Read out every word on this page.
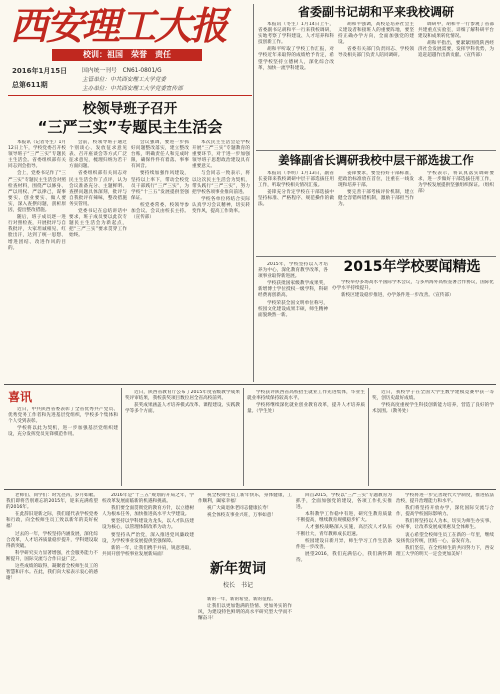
西安理工大报
校训：祖国　荣誉　责任
2016年1月15日
总第611期
国内统一刊号　CN61-0801/G
主管单位：中共西安理工大学党委
主办单位：中共西安理工大学党委宣传部
校领导班子召开
“三严三实”专题民主生活会

本报讯（记者冬生）1月12日上午，学校党委召开校领导班子“三严三实”专题民主生活会。省委组织部有关同志到会指导。

会上，党委书记作了“三严三实”专题民主生活会对照检查材料，围绕严以修身、严以用权、严以律己，谋事要实、创业要实、做人要实，深入查摆问题，剖析原因，提出整改措施。

随后，班子成员逐一进行对照检查，开展批评与自我批评，大家坦诚相见、红脸出汗，达到了统一思想、增进团结、改进作风的目的。

会前，校领导班子通过个别谈心、发放征求意见表、召开座谈会等方式广泛征求意见，梳理归纳为若干方面问题。

省委组织部有关同志对民主生活会作了点评，认为会议准备充分、主题鲜明、查摆问题具体深刻，批评与自我批评有辣味，整改措施务实管用。

党委书记在总结讲话中要求，班子成员要以此次专题民主生活会为新起点，把“三严三实”要求贯穿工作始终。

会议强调，要进一步抓好问题整改落实，建立整改台账，明确责任人和完成时限，确保件件有着落、事事有回音。

要持续加强作风建设，坚持以上率下，带动全校党员干部践行“三严三实”，为学校“十三五”发展提供坚强保证。

校党委常委、校领导参加会议。会议由校长主持。（宣传部）

本次民主生活会是学校开展“三严三实”专题教育的重要环节，对于进一步加强领导班子思想政治建设具有重要意义。

与会同志一致表示，将以这次民主生活会为契机，带头践行“三严三实”，努力把学校各项事业推向前进。

学校各单位将结合实际认真学习会议精神，切实转变作风，提高工作效率。

省委副书记胡和平来我校调研

本报讯（冬生）1月14日上午，省委副书记胡和平一行来我校调研，实地考察了学科建设、人才培养和科技创新工作。

胡和平听取了学校工作汇报，对学校近年来取得的成绩给予肯定，希望学校坚持立德树人，深化综合改革，加快一流学科建设。

胡和平强调，高校是培养社会主义建设者和接班人的重要阵地，要坚持正确办学方向，全面加强党的建设。

省委有关部门负责同志、学校领导及相关部门负责人陪同调研。

调研中，胡和平一行参观了省部共建重点实验室，详细了解科研平台建设和成果转化情况。

胡和平指出，要紧紧围绕陕西经济社会发展需要，发挥学科优势，为追赶超越作出新贡献。（宣传部）

姜锋副省长调研我校中层干部选拔工作

本报讯（李明）1月13日，副省长姜锋来我校调研中层干部选拔任用工作，听取学校相关情况汇报。

姜锋充分肯定学校在干部选拔中坚持标准、严格程序、规范操作的做法。

姜锋要求，要坚持好干部标准，把政治标准放在首位，注重在一线发现和培养干部。

要完善干部考核评价机制，建立健全容错纠错机制，激励干部担当作为。

学校表示，将认真落实调研要求，进一步做好干部选拔任用工作，为学校发展提供坚强组织保证。（组织部）

2015年学校要闻精选

2015年，学校坚持以人才培养为中心，深化教育教学改革，各项事业取得新进展。

学校获批国家级教学成果奖，新增博士学位授权一级学科，科研经费再创新高。

学校荣获全国文明单位称号，校园文化建设成果丰硕，师生精神面貌焕然一新。

学校举办多场高水平国际学术会议，与多所海外高校签署合作协议，国际化办学水平持续提升。

新校区建设稳步推进，办学条件进一步改善。（宣传部）

喜讯

近日，中共陕西省委表彰了全省优秀共产党员、优秀党务工作者和先进基层党组织，学校多个集体和个人受到表彰。

学校将以此为契机，进一步加强基层党组织建设，充分发挥党员先锋模范作用。

近日，陕西省教育厅公布了2015年度省级教学成果奖评审结果，我校获奖项目数位居全省高校前列。

获奖成果涵盖人才培养模式改革、课程建设、实践教学等多个方面。

学校获评陕西省高校招生就业工作先进集体，毕业生就业率持续保持较高水平。

学校将继续深化就业创业教育改革，提升人才培养质量。（学生处）

近日，我校学子在全国大学生数学建模竞赛中获一等奖，创历史最好成绩。

学校高度重视学生科技创新能力培养，营造了良好的学术氛围。（教务处）

老师们、同学们：时光荏苒，岁月如歌。我们即将告别难忘的2015年，迎来充满希望的2016年。

在此辞旧迎新之际，我们谨代表学校党委和行政，向全校师生员工致以新年的美好祝福！

过去的一年，学校坚持内涵发展，深化综合改革，人才培养质量稳步提升，学科建设取得新突破。

科学研究实力显著增强，社会服务能力不断提升，国际交流与合作日益广泛。

这些成绩的取得，凝聚着全校师生员工的智慧和汗水。在此，我们向大家表示衷心的感谢！

2016年是“十三五”规划的开局之年，学校改革发展面临新的机遇和挑战。

我们要全面贯彻党的教育方针，以立德树人为根本任务，加快推进高水平大学建设。

要坚持以学科建设为龙头，以人才队伍建设为核心，以管理体制改革为动力。

要坚持从严治党，深入推进党风廉政建设，为学校事业发展提供坚强保障。

新的一年，让我们携手并肩，锐意进取，共同开创学校事业发展新局面！

新年贺词
校长　书记

祝全校师生员工新年快乐，身体健康，工作顺利，阖家幸福！

祝广大离退休老同志健康长寿！

祝全体校友事业兴旺，万事如意！

新的一年，新的希望，新的征程。

让我们以更加饱满的热情、更加务实的作风，为建设特色鲜明的高水平研究型大学而不懈奋斗！

回首2015，学校以“三严三实”专题教育为抓手，全面加强党的建设，各项工作扎实推进。

本科教学工作稳中有进，研究生教育质量不断提高，继续教育规模稳步扩大。

人才强校战略深入实施，高层次人才队伍不断壮大，青年教师成长迅速。

校园建设日新月异，师生学习工作生活条件进一步改善。

展望2016，我们充满信心，我们满怀期待。

学校将进一步完善现代大学制度，推进依法治校，提升治理能力和水平。

我们将坚持开放办学，深化国际交流与合作，提高学校国际影响力。

我们将坚持以人为本，切实为师生办实事、办好事，让改革发展成果惠及全体师生。

衷心希望全校师生员工在新的一年里，继续发扬优良传统，团结一心，奋发有为。

我们坚信，在全校师生的共同努力下，西安理工大学的明天一定会更加美好！
